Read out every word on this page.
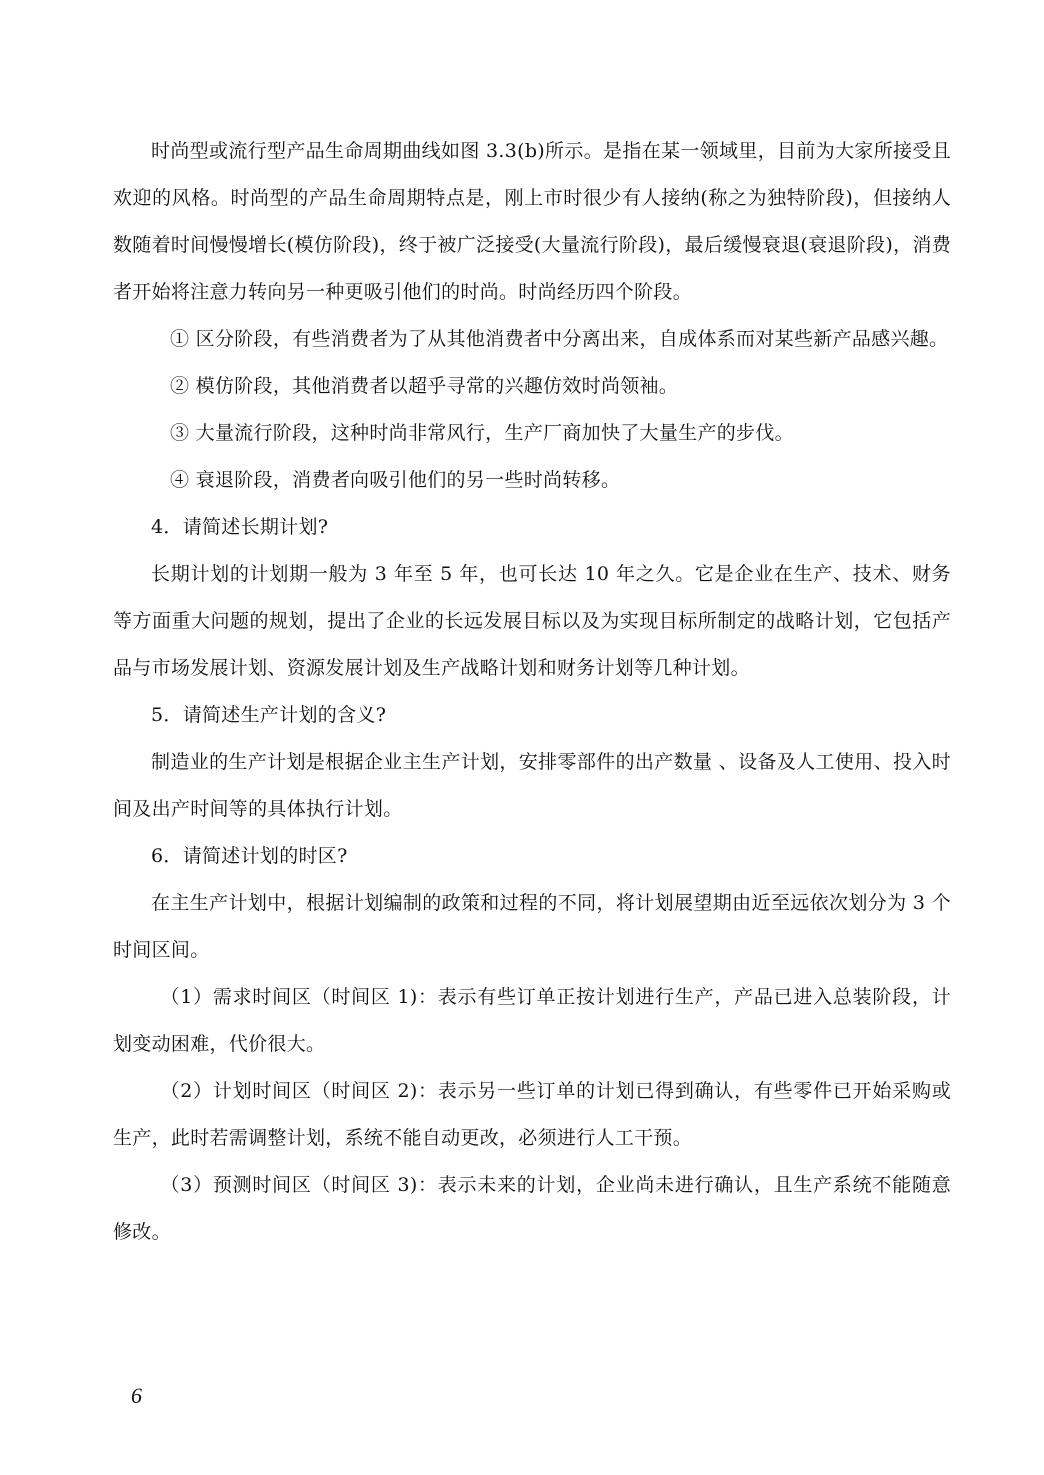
时尚型或流行型产品生命周期曲线如图 3.3(b)所示。是指在某一领域里，目前为大家所接受且欢迎的风格。时尚型的产品生命周期特点是，刚上市时很少有人接纳(称之为独特阶段)，但接纳人数随着时间慢慢增长(模仿阶段)，终于被广泛接受(大量流行阶段)，最后缓慢衰退(衰退阶段)，消费者开始将注意力转向另一种更吸引他们的时尚。时尚经历四个阶段。

① 区分阶段，有些消费者为了从其他消费者中分离出来，自成体系而对某些新产品感兴趣。

② 模仿阶段，其他消费者以超乎寻常的兴趣仿效时尚领袖。

③ 大量流行阶段，这种时尚非常风行，生产厂商加快了大量生产的步伐。

④ 衰退阶段，消费者向吸引他们的另一些时尚转移。

4．请简述长期计划?

长期计划的计划期一般为 3 年至 5 年，也可长达 10 年之久。它是企业在生产、技术、财务等方面重大问题的规划，提出了企业的长远发展目标以及为实现目标所制定的战略计划，它包括产品与市场发展计划、资源发展计划及生产战略计划和财务计划等几种计划。

5．请简述生产计划的含义?

制造业的生产计划是根据企业主生产计划，安排零部件的出产数量 、设备及人工使用、投入时间及出产时间等的具体执行计划。

6．请简述计划的时区?

在主生产计划中，根据计划编制的政策和过程的不同，将计划展望期由近至远依次划分为 3 个时间区间。

（1）需求时间区（时间区 1)：表示有些订单正按计划进行生产，产品已进入总装阶段，计划变动困难，代价很大。

（2）计划时间区（时间区 2)：表示另一些订单的计划已得到确认，有些零件已开始采购或生产，此时若需调整计划，系统不能自动更改，必须进行人工干预。

（3）预测时间区（时间区 3)：表示未来的计划，企业尚未进行确认，且生产系统不能随意修改。

6
